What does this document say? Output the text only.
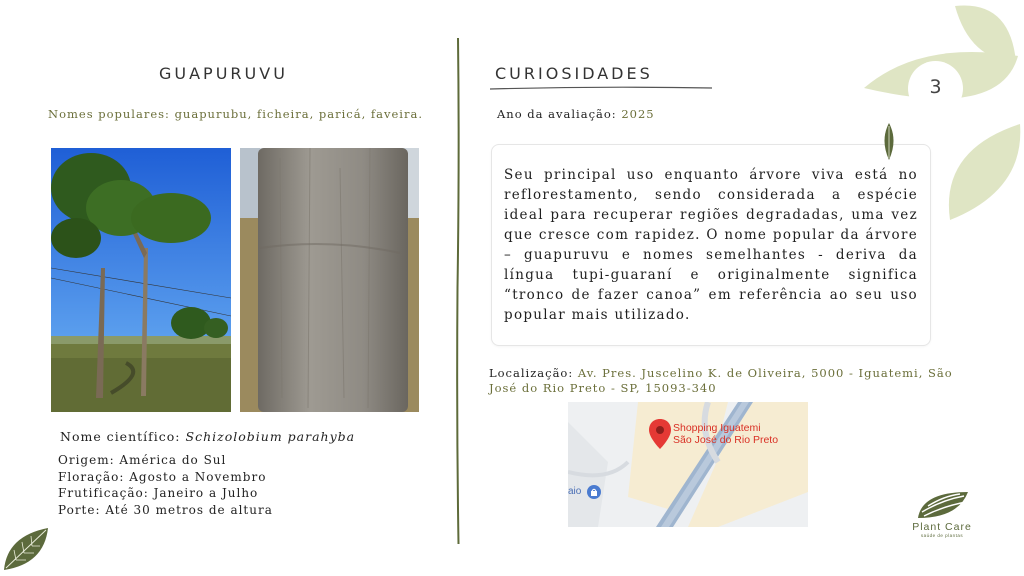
GUAPURUVU
Nomes populares: guapurubu, ficheira, paricá, faveira.
Nome científico: Schizolobium parahyba
Origem: América do Sul
Floração: Agosto a Novembro
Frutificação: Janeiro a Julho
Porte: Até 30 metros de altura
CURIOSIDADES
Ano da avaliação: 2025

Seu principal uso enquanto árvore viva está no reflorestamento, sendo considerada a espécie ideal para recuperar regiões degradadas, uma vez que cresce com rapidez. O nome popular da árvore – guapuruvu e nomes semelhantes - deriva da língua tupi-guaraní e originalmente significa “tronco de fazer canoa” em referência ao seu uso popular mais utilizado.

Localização: Av. Pres. Juscelino K. de Oliveira, 5000 - Iguatemi, São José do Rio Preto - SP, 15093-340
Shopping Iguatemi
São José do Rio Preto
aio
3
Plant Care
saúde de plantas
